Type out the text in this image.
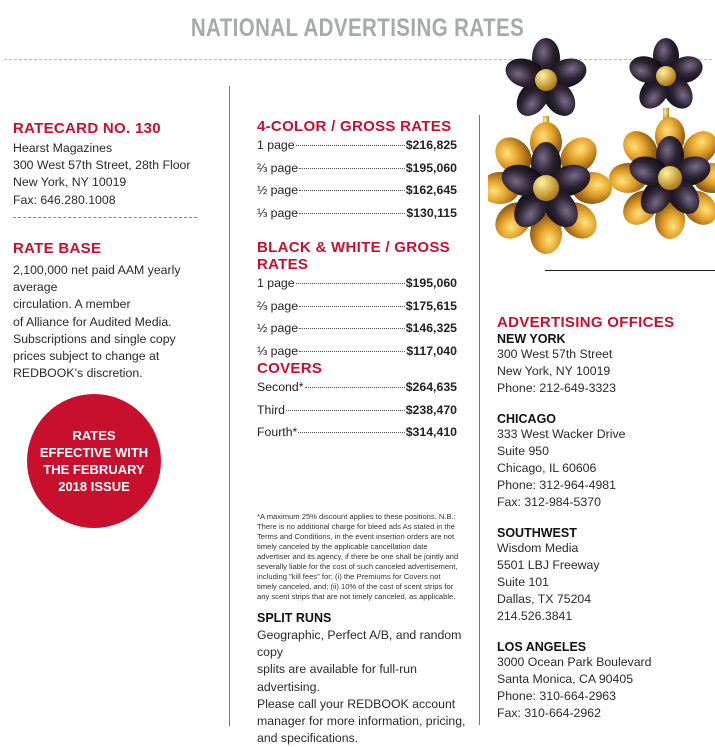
NATIONAL ADVERTISING RATES
RATECARD NO. 130
Hearst Magazines
300 West 57th Street, 28th Floor
New York, NY 10019
Fax: 646.280.1008
RATE BASE
2,100,000 net paid AAM yearly average
circulation. A member
of Alliance for Audited Media.
Subscriptions and single copy
prices subject to change at
REDBOOK’s discretion.
RATES
EFFECTIVE WITH
THE FEBRUARY
2018 ISSUE
4-COLOR / GROSS RATES
1 page	$216,825
⅔ page	$195,060
½ page	$162,645
⅓ page	$130,115
BLACK & WHITE / GROSS RATES
1 page	$195,060
⅔ page	$175,615
½ page	$146,325
⅓ page	$117,040
COVERS
Second*	$264,635
Third	$238,470
Fourth*	$314,410
*A maximum 25% discount applies to these positions. N.B.: There is no additional charge for bleed ads As stated in the Terms and Conditions, in the event insertion orders are not timely canceled by the applicable cancellation date advertiser and its agency, if there be one shall be jointly and severally liable for the cost of such canceled advertisement, including "kill fees" for: (i) the Premiums for Covers not timely canceled, and; (ii) 10% of the cost of scent strips for any scent strips that are not timely canceled, as applicable.
SPLIT RUNS
Geographic, Perfect A/B, and random copy
splits are available for full-run advertising.
Please call your REDBOOK account
manager for more information, pricing,
and specifications.
ADVERTISING OFFICES
NEW YORK
300 West 57th Street
New York, NY 10019
Phone: 212-649-3323
CHICAGO
333 West Wacker Drive
Suite 950
Chicago, IL 60606
Phone: 312-964-4981
Fax: 312-984-5370
SOUTHWEST
Wisdom Media
5501 LBJ Freeway
Suite 101
Dallas, TX 75204
214.526.3841
LOS ANGELES
3000 Ocean Park Boulevard
Santa Monica, CA 90405
Phone: 310-664-2963
Fax: 310-664-2962
